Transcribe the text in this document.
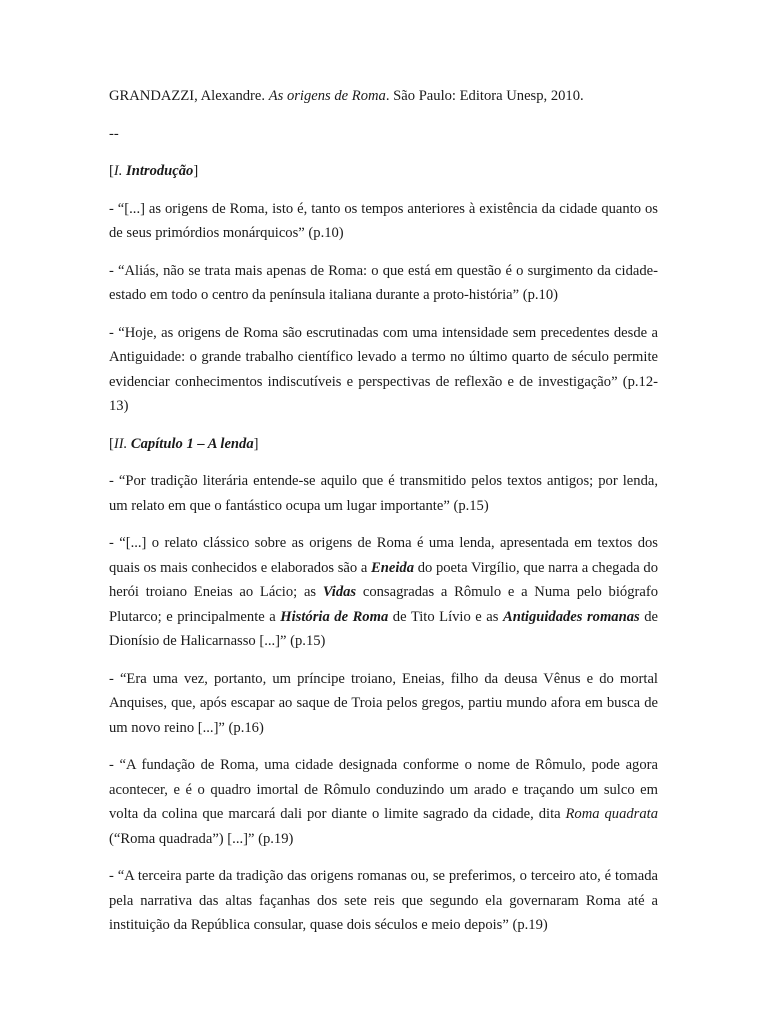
GRANDAZZI, Alexandre. As origens de Roma. São Paulo: Editora Unesp, 2010.

--

[I. Introdução]

- “[...] as origens de Roma, isto é, tanto os tempos anteriores à existência da cidade quanto os de seus primórdios monárquicos” (p.10)

- “Aliás, não se trata mais apenas de Roma: o que está em questão é o surgimento da cidade-estado em todo o centro da península italiana durante a proto-história” (p.10)

- “Hoje, as origens de Roma são escrutinadas com uma intensidade sem precedentes desde a Antiguidade: o grande trabalho científico levado a termo no último quarto de século permite evidenciar conhecimentos indiscutíveis e perspectivas de reflexão e de investigação” (p.12-13)

[II. Capítulo 1 – A lenda]

- “Por tradição literária entende-se aquilo que é transmitido pelos textos antigos; por lenda, um relato em que o fantástico ocupa um lugar importante” (p.15)

- “[...] o relato clássico sobre as origens de Roma é uma lenda, apresentada em textos dos quais os mais conhecidos e elaborados são a Eneida do poeta Virgílio, que narra a chegada do herói troiano Eneias ao Lácio; as Vidas consagradas a Rômulo e a Numa pelo biógrafo Plutarco; e principalmente a História de Roma de Tito Lívio e as Antiguidades romanas de Dionísio de Halicarnasso [...]” (p.15)

- “Era uma vez, portanto, um príncipe troiano, Eneias, filho da deusa Vênus e do mortal Anquises, que, após escapar ao saque de Troia pelos gregos, partiu mundo afora em busca de um novo reino [...]” (p.16)

- “A fundação de Roma, uma cidade designada conforme o nome de Rômulo, pode agora acontecer, e é o quadro imortal de Rômulo conduzindo um arado e traçando um sulco em volta da colina que marcará dali por diante o limite sagrado da cidade, dita Roma quadrata (“Roma quadrada”) [...]” (p.19)

- “A terceira parte da tradição das origens romanas ou, se preferimos, o terceiro ato, é tomada pela narrativa das altas façanhas dos sete reis que segundo ela governaram Roma até a instituição da República consular, quase dois séculos e meio depois” (p.19)
